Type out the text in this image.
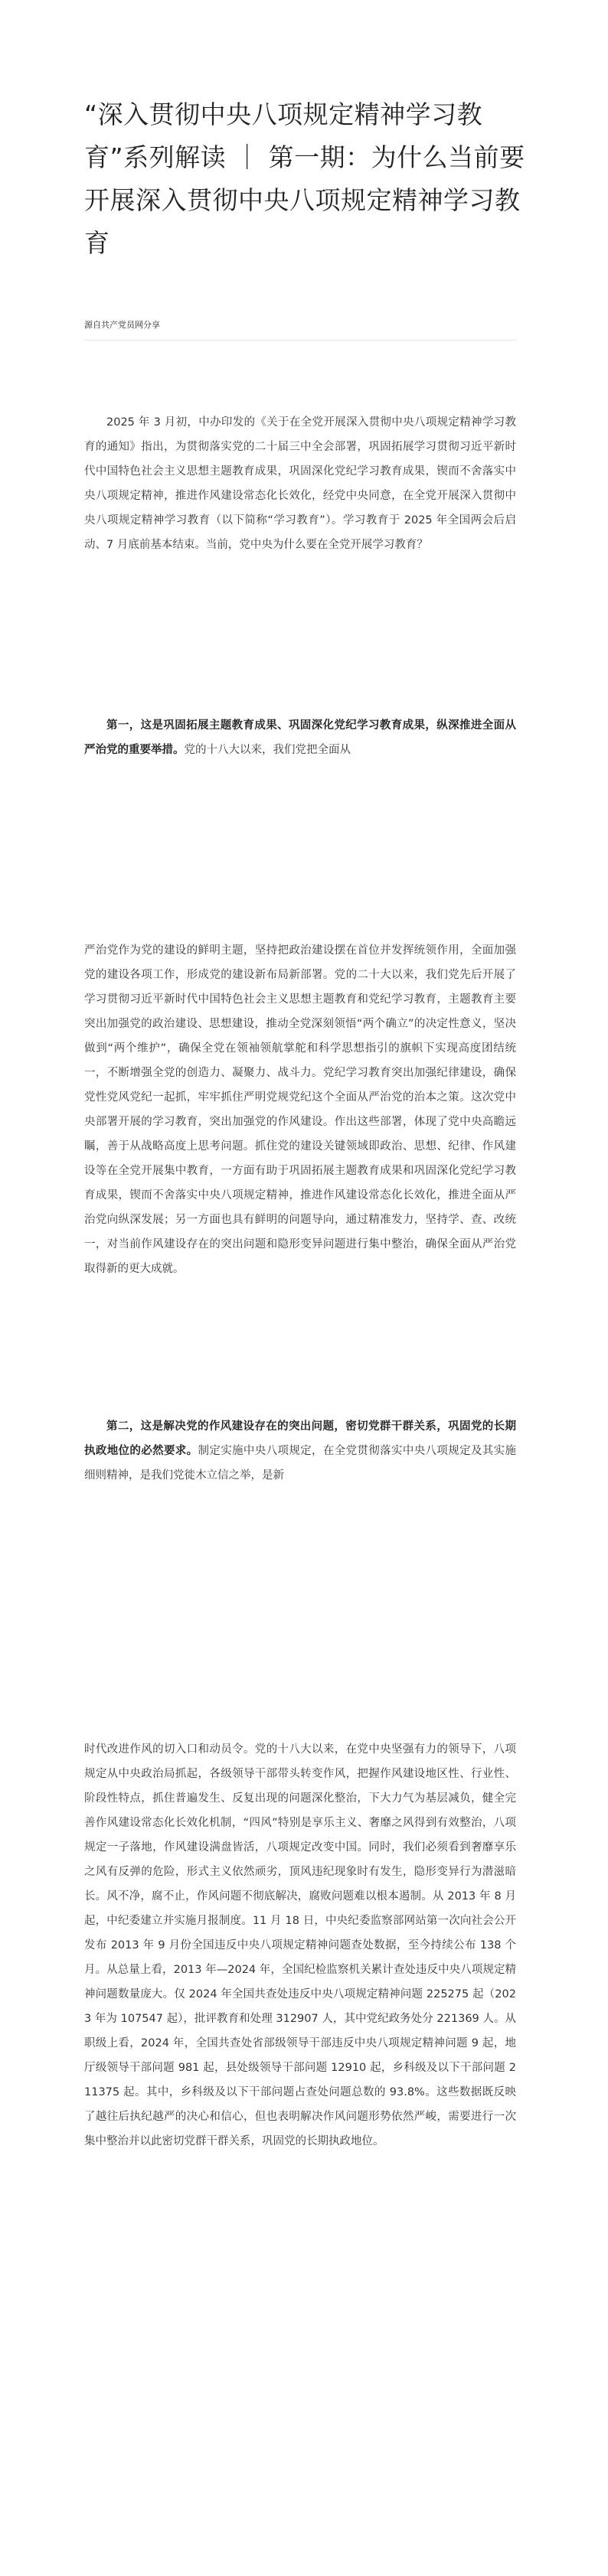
“深入贯彻中央八项规定精神学习教育”系列解读 ｜ 第一期：为什么当前要开展深入贯彻中央八项规定精神学习教育

源自共产党员网分享

2025 年 3 月初，中办印发的《关于在全党开展深入贯彻中央八项规定精神学习教育的通知》指出，为贯彻落实党的二十届三中全会部署，巩固拓展学习贯彻习近平新时代中国特色社会主义思想主题教育成果，巩固深化党纪学习教育成果，锲而不舍落实中央八项规定精神，推进作风建设常态化长效化，经党中央同意，在全党开展深入贯彻中央八项规定精神学习教育（以下简称“学习教育”）。学习教育于 2025 年全国两会后启动、7 月底前基本结束。当前，党中央为什么要在全党开展学习教育？

第一，这是巩固拓展主题教育成果、巩固深化党纪学习教育成果，纵深推进全面从严治党的重要举措。党的十八大以来，我们党把全面从

严治党作为党的建设的鲜明主题，坚持把政治建设摆在首位并发挥统领作用，全面加强党的建设各项工作，形成党的建设新布局新部署。党的二十大以来，我们党先后开展了学习贯彻习近平新时代中国特色社会主义思想主题教育和党纪学习教育，主题教育主要突出加强党的政治建设、思想建设，推动全党深刻领悟“两个确立”的决定性意义，坚决做到“两个维护”，确保全党在领袖领航掌舵和科学思想指引的旗帜下实现高度团结统一，不断增强全党的创造力、凝聚力、战斗力。党纪学习教育突出加强纪律建设，确保党性党风党纪一起抓，牢牢抓住严明党规党纪这个全面从严治党的治本之策。这次党中央部署开展的学习教育，突出加强党的作风建设。作出这些部署，体现了党中央高瞻远瞩，善于从战略高度上思考问题。抓住党的建设关键领域即政治、思想、纪律、作风建设等在全党开展集中教育，一方面有助于巩固拓展主题教育成果和巩固深化党纪学习教育成果，锲而不舍落实中央八项规定精神，推进作风建设常态化长效化，推进全面从严治党向纵深发展；另一方面也具有鲜明的问题导向，通过精准发力，坚持学、查、改统一，对当前作风建设存在的突出问题和隐形变异问题进行集中整治，确保全面从严治党取得新的更大成就。

第二，这是解决党的作风建设存在的突出问题，密切党群干群关系，巩固党的长期执政地位的必然要求。制定实施中央八项规定，在全党贯彻落实中央八项规定及其实施细则精神，是我们党徙木立信之举，是新

时代改进作风的切入口和动员令。党的十八大以来，在党中央坚强有力的领导下，八项规定从中央政治局抓起，各级领导干部带头转变作风，把握作风建设地区性、行业性、阶段性特点，抓住普遍发生、反复出现的问题深化整治，下大力气为基层减负，健全完善作风建设常态化长效化机制，“四风”特别是享乐主义、奢靡之风得到有效整治，八项规定一子落地，作风建设满盘皆活，八项规定改变中国。同时，我们必须看到奢靡享乐之风有反弹的危险，形式主义依然顽劣，顶风违纪现象时有发生，隐形变异行为潜滋暗长。风不净，腐不止，作风问题不彻底解决，腐败问题难以根本遏制。从 2013 年 8 月起，中纪委建立并实施月报制度。11 月 18 日，中央纪委监察部网站第一次向社会公开发布 2013 年 9 月份全国违反中央八项规定精神问题查处数据，至今持续公布 138 个月。从总量上看，2013 年—2024 年，全国纪检监察机关累计查处违反中央八项规定精神问题数量庞大。仅 2024 年全国共查处违反中央八项规定精神问题 225275 起（2023 年为 107547 起），批评教育和处理 312907 人，其中党纪政务处分 221369 人。从职级上看，2024 年，全国共查处省部级领导干部违反中央八项规定精神问题 9 起，地厅级领导干部问题 981 起，县处级领导干部问题 12910 起，乡科级及以下干部问题 211375 起。其中，乡科级及以下干部问题占查处问题总数的 93.8%。这些数据既反映了越往后执纪越严的决心和信心，但也表明解决作风问题形势依然严峻，需要进行一次集中整治并以此密切党群干群关系，巩固党的长期执政地位。
